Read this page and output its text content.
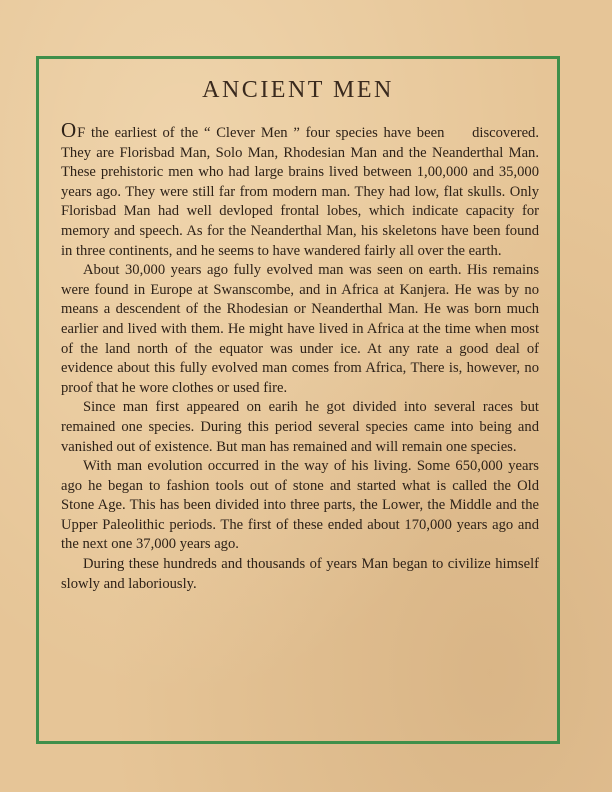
ANCIENT MEN

OF the earliest of the “ Clever Men ” four species have been discovered. They are Florisbad Man, Solo Man, Rhodesian Man and the Neanderthal Man. These prehistoric men who had large brains lived between 1,00,000 and 35,000 years ago. They were still far from modern man. They had low, flat skulls. Only Florisbad Man had well devloped frontal lobes, which indicate capacity for memory and speech. As for the Neanderthal Man, his skeletons have been found in three continents, and he seems to have wandered fairly all over the earth.

About 30,000 years ago fully evolved man was seen on earth. His remains were found in Europe at Swanscombe, and in Africa at Kanjera. He was by no means a descendent of the Rhodesian or Neanderthal Man. He was born much earlier and lived with them. He might have lived in Africa at the time when most of the land north of the equator was under ice. At any rate a good deal of evidence about this fully evolved man comes from Africa, There is, however, no proof that he wore clothes or used fire.

Since man first appeared on earih he got divided into several races but remained one species. During this period several species came into being and vanished out of existence. But man has remained and will remain one species.

With man evolution occurred in the way of his living. Some 650,000 years ago he began to fashion tools out of stone and started what is called the Old Stone Age. This has been divided into three parts, the Lower, the Middle and the Upper Paleolithic periods. The first of these ended about 170,000 years ago and the next one 37,000 years ago.

During these hundreds and thousands of years Man began to civilize himself slowly and laboriously.
